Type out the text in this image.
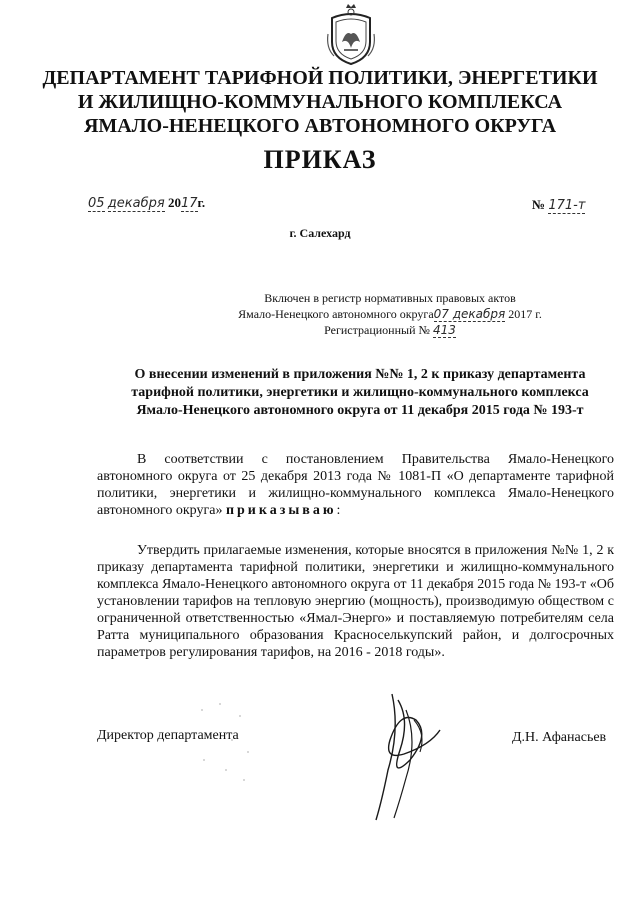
ДЕПАРТАМЕНТ ТАРИФНОЙ ПОЛИТИКИ, ЭНЕРГЕТИКИ
И ЖИЛИЩНО-КОММУНАЛЬНОГО КОМПЛЕКСА
ЯМАЛО-НЕНЕЦКОГО АВТОНОМНОГО ОКРУГА
ПРИКАЗ
05 декабря 2017г.	№ 171-т
г. Салехард
Включен в регистр нормативных правовых актов
Ямало-Ненецкого автономного округа07 декабря 2017 г.
Регистрационный № 413
О внесении изменений в приложения №№ 1, 2 к приказу департамента
тарифной политики, энергетики и жилищно-коммунального комплекса
Ямало-Ненецкого автономного округа от 11 декабря 2015 года № 193-т
В соответствии с постановлением Правительства Ямало-Ненецкого автономного округа от 25 декабря 2013 года № 1081-П «О департаменте тарифной политики, энергетики и жилищно-коммунального комплекса Ямало-Ненецкого автономного округа» приказываю:
Утвердить прилагаемые изменения, которые вносятся в приложения №№ 1, 2 к приказу департамента тарифной политики, энергетики и жилищно-коммунального комплекса Ямало-Ненецкого автономного округа от 11 декабря 2015 года № 193-т «Об установлении тарифов на тепловую энергию (мощность), производимую обществом с ограниченной ответственностью «Ямал-Энерго» и поставляемую потребителям села Ратта муниципального образования Красноселькупский район, и долгосрочных параметров регулирования тарифов, на 2016 - 2018 годы».
Директор департамента	Д.Н. Афанасьев
